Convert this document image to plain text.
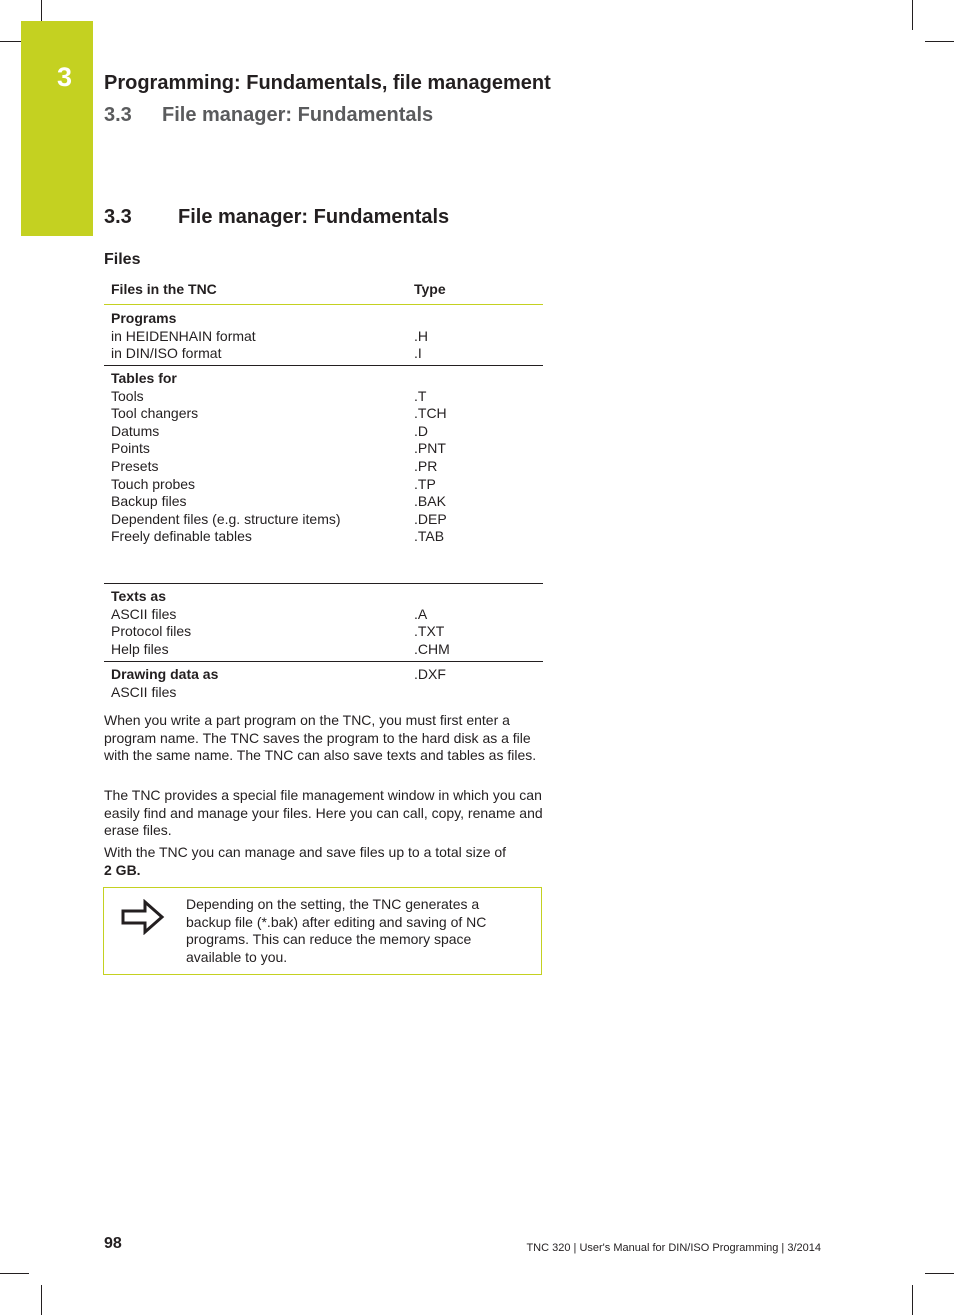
3 Programming: Fundamentals, file management
3.3 File manager: Fundamentals
3.3 File manager: Fundamentals
Files
Files in the TNC	Type
Programs
in HEIDENHAIN format
in DIN/ISO format

.H
.I
Tables for
Tools
Tool changers
Datums
Points
Presets
Touch probes
Backup files
Dependent files (e.g. structure items)
Freely definable tables

.T
.TCH
.D
.PNT
.PR
.TP
.BAK
.DEP
.TAB
Texts as
ASCII files
Protocol files
Help files

.A
.TXT
.CHM
Drawing data as
ASCII files
.DXF
When you write a part program on the TNC, you must first enter a program name. The TNC saves the program to the hard disk as a file with the same name. The TNC can also save texts and tables as files.
The TNC provides a special file management window in which you can easily find and manage your files. Here you can call, copy, rename and erase files.
With the TNC you can manage and save files up to a total size of
2 GB.
Depending on the setting, the TNC generates a backup file (*.bak) after editing and saving of NC programs. This can reduce the memory space available to you.
98	TNC 320 | User's Manual for DIN/ISO Programming | 3/2014
